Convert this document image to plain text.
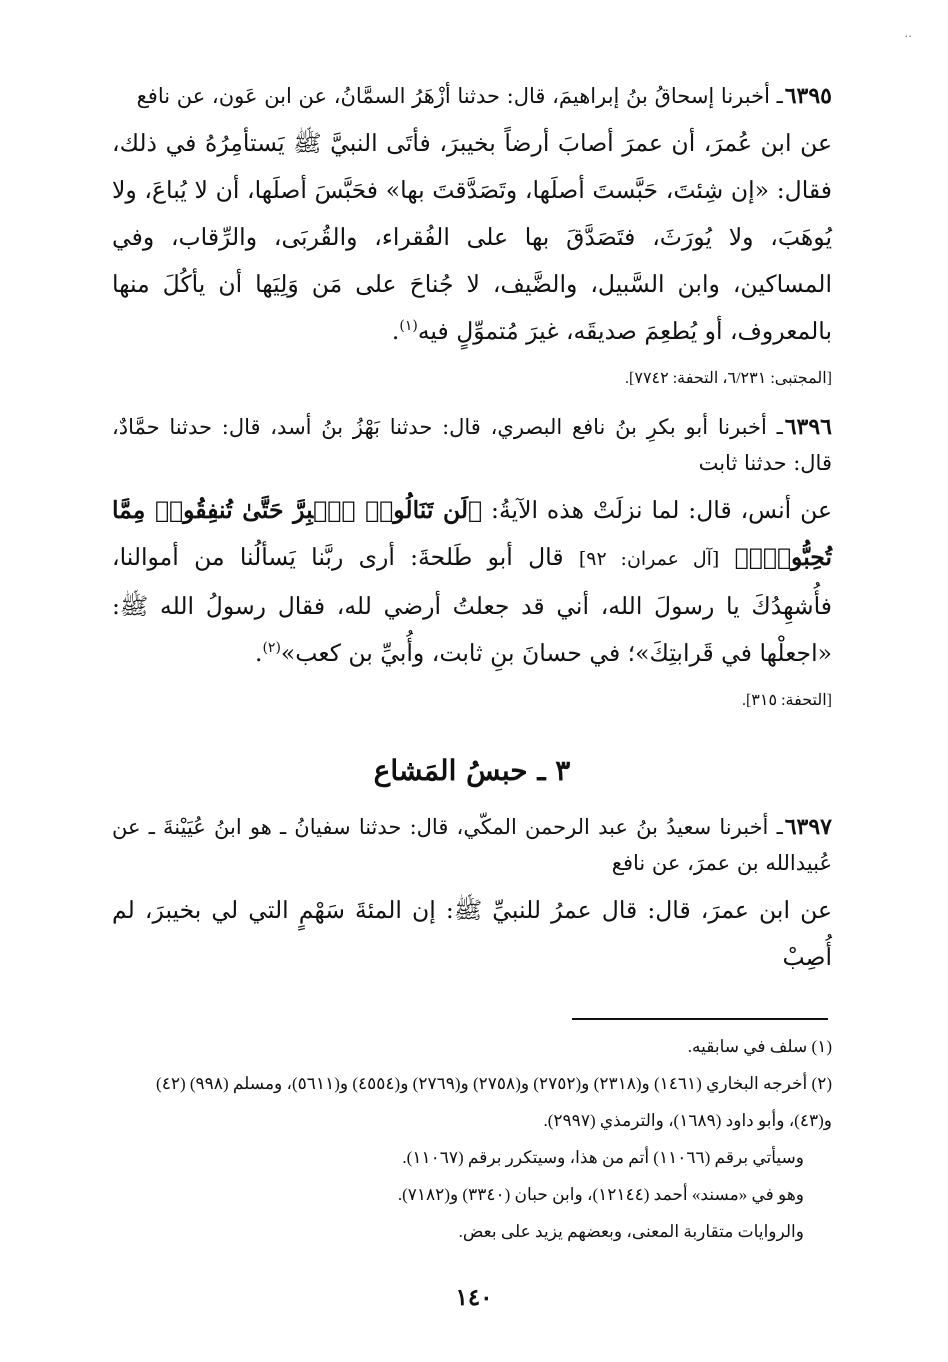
..

٦٣٩٥ـ أخبرنا إسحاقُ بنُ إبراهيمَ، قال: حدثنا أزْهَرُ السمَّانُ، عن ابن عَون، عن نافع

عن ابن عُمرَ، أن عمرَ أصابَ أرضاً بخيبرَ، فأتَى النبيَّ ﷺ يَستأمِرُهُ في ذلك، فقال: «إن شِئتَ، حَبَّستَ أصلَها، وتَصَدَّقتَ بها» فحَبَّسَ أصلَها، أن لا يُباعَ، ولا يُوهَبَ، ولا يُورَثَ، فتَصَدَّقَ بها على الفُقراء، والقُربَى، والرِّقاب، وفي المساكين، وابن السَّبيل، والضَّيف، لا جُناحَ على مَن وَلِيَها أن يأكُلَ منها بالمعروف، أو يُطعِمَ صديقَه، غيرَ مُتموِّلٍ فيه$^{(١)}$.

[المجتبى: ٦/٢٣١، التحفة: ٧٧٤٢].

٦٣٩٦ـ أخبرنا أبو بكرِ بنُ نافع البصري، قال: حدثنا بَهْزُ بنُ أسد، قال: حدثنا حمَّادٌ، قال: حدثنا ثابت

عن أنس، قال: لما نزلَتْ هذه الآيةُ: ﴿لَن تَنَالُوا۟ ٱلۡبِرَّ حَتَّىٰ تُنفِقُوا۟ مِمَّا تُحِبُّونَۚ﴾ [آل عمران: ٩٢] قال أبو طَلحةَ: أرى ربَّنا يَسألُنا من أموالنا، فأُشهِدُكَ يا رسولَ الله، أني قد جعلتُ أرضي لله، فقال رسولُ الله ﷺ: «اجعلْها في قَرابتِكَ»؛ في حسانَ بنِ ثابت، وأُبيِّ بن كعب»$^{(٢)}$.

[التحفة: ٣١٥].

٣ ـ حبسُ المَشاع

٦٣٩٧ـ أخبرنا سعيدُ بنُ عبد الرحمن المكّي، قال: حدثنا سفيانُ ـ هو ابنُ عُيَيْنةَ ـ عن عُبيدالله بن عمرَ، عن نافع

عن ابن عمرَ، قال: قال عمرُ للنبيِّ ﷺ: إن المئةَ سَهْمٍ التي لي بخيبرَ، لم أُصِبْ

(١) سلف في سابقيه.

(٢) أخرجه البخاري (١٤٦١) و(٢٣١٨) و(٢٧٥٢) و(٢٧٥٨) و(٢٧٦٩) و(٤٥٥٤) و(٥٦١١)، ومسلم (٩٩٨) (٤٢) و(٤٣)، وأبو داود (١٦٨٩)، والترمذي (٢٩٩٧).

وسيأتي برقم (١١٠٦٦) أتم من هذا، وسيتكرر برقم (١١٠٦٧).

وهو في «مسند» أحمد (١٢١٤٤)، وابن حبان (٣٣٤٠) و(٧١٨٢).

والروايات متقاربة المعنى، وبعضهم يزيد على بعض.

١٤٠
